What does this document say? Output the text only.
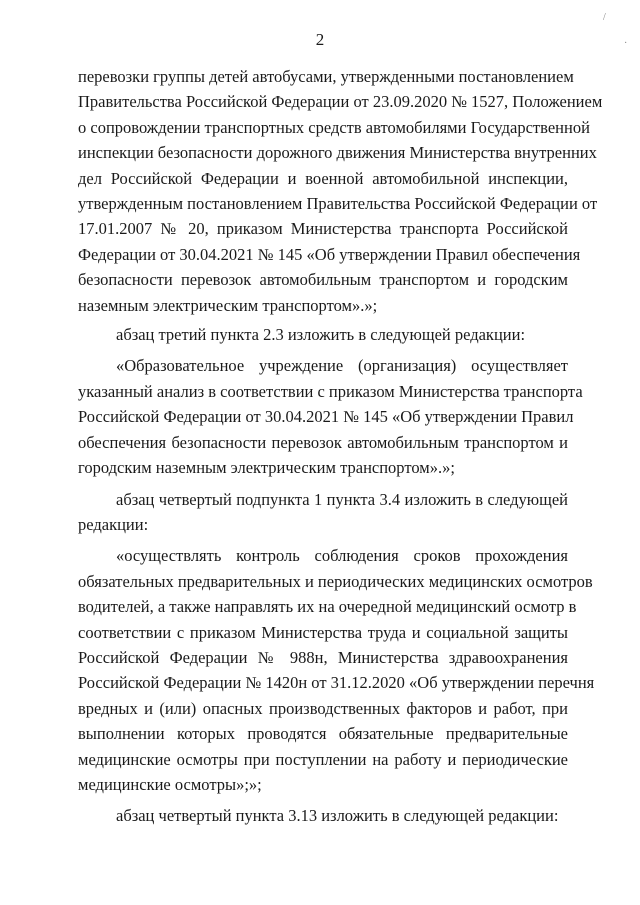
2

перевозки группы детей автобусами, утвержденными постановлением
Правительства Российской Федерации от 23.09.2020 № 1527, Положением
о сопровождении транспортных средств автомобилями Государственной
инспекции безопасности дорожного движения Министерства внутренних
дел Российской Федерации и военной автомобильной инспекции,
утвержденным постановлением Правительства Российской Федерации от
17.01.2007 № 20, приказом Министерства транспорта Российской
Федерации от 30.04.2021 № 145 «Об утверждении Правил обеспечения
безопасности перевозок автомобильным транспортом и городским
наземным электрическим транспортом».»;

абзац третий пункта 2.3 изложить в следующей редакции:

«Образовательное учреждение (организация) осуществляет
указанный анализ в соответствии с приказом Министерства транспорта
Российской Федерации от 30.04.2021 № 145 «Об утверждении Правил
обеспечения безопасности перевозок автомобильным транспортом и
городским наземным электрическим транспортом».»;

абзац четвертый подпункта 1 пункта 3.4 изложить в следующей
редакции:

«осуществлять контроль соблюдения сроков прохождения
обязательных предварительных и периодических медицинских осмотров
водителей, а также направлять их на очередной медицинский осмотр в
соответствии с приказом Министерства труда и социальной защиты
Российской Федерации № 988н, Министерства здравоохранения
Российской Федерации № 1420н от 31.12.2020 «Об утверждении перечня
вредных и (или) опасных производственных факторов и работ, при
выполнении которых проводятся обязательные предварительные
медицинские осмотры при поступлении на работу и периодические
медицинские осмотры»;»;

абзац четвертый пункта 3.13 изложить в следующей редакции:

/
·
